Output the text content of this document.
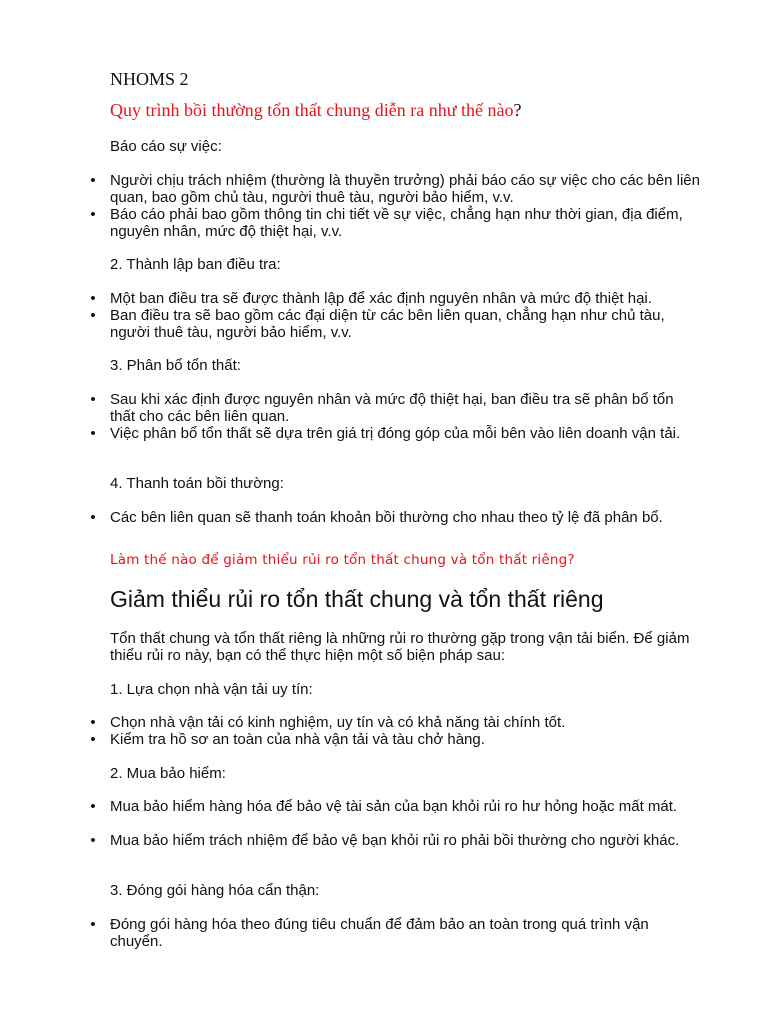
NHOMS 2
Quy trình bồi thường tổn thất chung diễn ra như thế nào?
Báo cáo sự việc:
• Người chịu trách nhiệm (thường là thuyền trưởng) phải báo cáo sự việc cho các bên liên quan, bao gồm chủ tàu, người thuê tàu, người bảo hiểm, v.v.
• Báo cáo phải bao gồm thông tin chi tiết về sự việc, chẳng hạn như thời gian, địa điểm, nguyên nhân, mức độ thiệt hại, v.v.
2. Thành lập ban điều tra:
• Một ban điều tra sẽ được thành lập để xác định nguyên nhân và mức độ thiệt hại.
• Ban điều tra sẽ bao gồm các đại diện từ các bên liên quan, chẳng hạn như chủ tàu, người thuê tàu, người bảo hiểm, v.v.
3. Phân bổ tổn thất:
• Sau khi xác định được nguyên nhân và mức độ thiệt hại, ban điều tra sẽ phân bổ tổn thất cho các bên liên quan.
• Việc phân bổ tổn thất sẽ dựa trên giá trị đóng góp của mỗi bên vào liên doanh vận tải.
4. Thanh toán bồi thường:
• Các bên liên quan sẽ thanh toán khoản bồi thường cho nhau theo tỷ lệ đã phân bổ.
Làm thế nào để giảm thiểu rủi ro tổn thất chung và tổn thất riêng?
Giảm thiểu rủi ro tổn thất chung và tổn thất riêng
Tổn thất chung và tổn thất riêng là những rủi ro thường gặp trong vận tải biển. Để giảm thiểu rủi ro này, bạn có thể thực hiện một số biện pháp sau:
1. Lựa chọn nhà vận tải uy tín:
• Chọn nhà vận tải có kinh nghiệm, uy tín và có khả năng tài chính tốt.
• Kiểm tra hồ sơ an toàn của nhà vận tải và tàu chở hàng.
2. Mua bảo hiểm:
• Mua bảo hiểm hàng hóa để bảo vệ tài sản của bạn khỏi rủi ro hư hỏng hoặc mất mát.
• Mua bảo hiểm trách nhiệm để bảo vệ bạn khỏi rủi ro phải bồi thường cho người khác.
3. Đóng gói hàng hóa cẩn thận:
• Đóng gói hàng hóa theo đúng tiêu chuẩn để đảm bảo an toàn trong quá trình vận chuyển.
